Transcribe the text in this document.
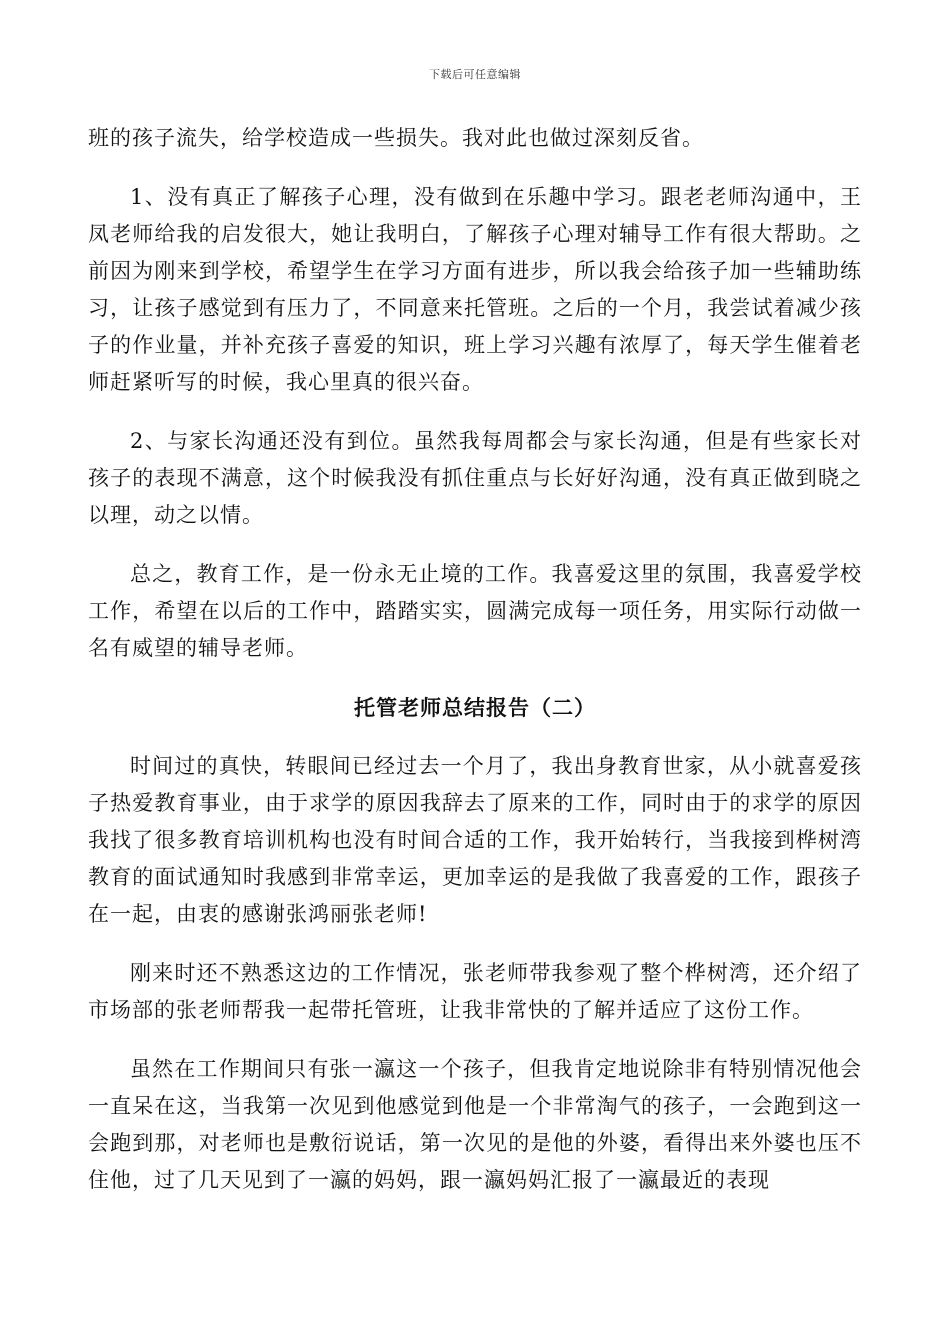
下载后可任意编辑

班的孩子流失，给学校造成一些损失。我对此也做过深刻反省。

1、没有真正了解孩子心理，没有做到在乐趣中学习。跟老老师沟通中，王凤老师给我的启发很大，她让我明白，了解孩子心理对辅导工作有很大帮助。之前因为刚来到学校，希望学生在学习方面有进步，所以我会给孩子加一些辅助练习，让孩子感觉到有压力了，不同意来托管班。之后的一个月，我尝试着减少孩子的作业量，并补充孩子喜爱的知识，班上学习兴趣有浓厚了，每天学生催着老师赶紧听写的时候，我心里真的很兴奋。

2、与家长沟通还没有到位。虽然我每周都会与家长沟通，但是有些家长对孩子的表现不满意，这个时候我没有抓住重点与长好好沟通，没有真正做到晓之以理，动之以情。

总之，教育工作，是一份永无止境的工作。我喜爱这里的氛围，我喜爱学校工作，希望在以后的工作中，踏踏实实，圆满完成每一项任务，用实际行动做一名有威望的辅导老师。

托管老师总结报告（二）

时间过的真快，转眼间已经过去一个月了，我出身教育世家，从小就喜爱孩子热爱教育事业，由于求学的原因我辞去了原来的工作，同时由于的求学的原因我找了很多教育培训机构也没有时间合适的工作，我开始转行，当我接到桦树湾教育的面试通知时我感到非常幸运，更加幸运的是我做了我喜爱的工作，跟孩子在一起，由衷的感谢张鸿丽张老师!

刚来时还不熟悉这边的工作情况，张老师带我参观了整个桦树湾，还介绍了市场部的张老师帮我一起带托管班，让我非常快的了解并适应了这份工作。

虽然在工作期间只有张一瀛这一个孩子，但我肯定地说除非有特别情况他会一直呆在这，当我第一次见到他感觉到他是一个非常淘气的孩子，一会跑到这一会跑到那，对老师也是敷衍说话，第一次见的是他的外婆，看得出来外婆也压不住他，过了几天见到了一瀛的妈妈，跟一瀛妈妈汇报了一瀛最近的表现
